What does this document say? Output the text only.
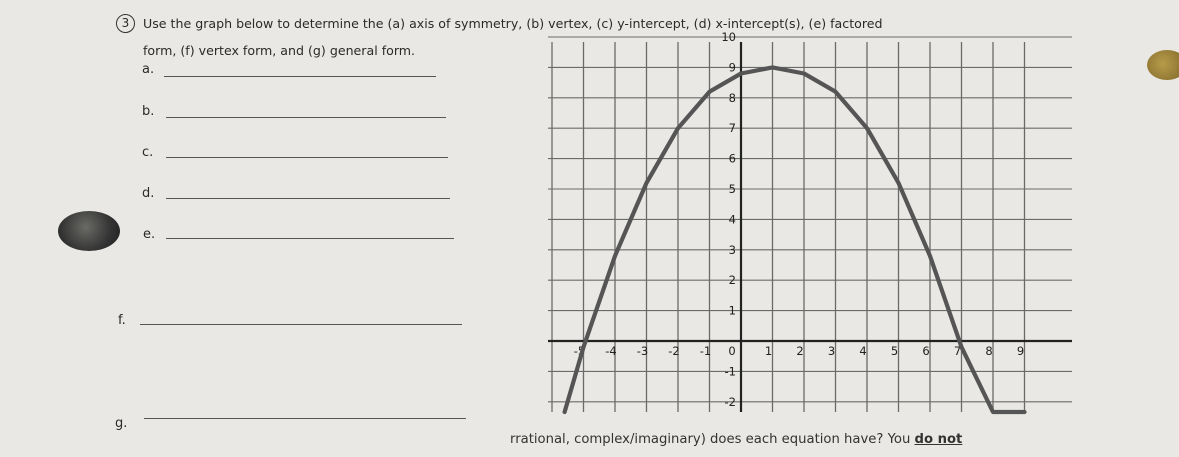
3	Use the graph below to determine the (a) axis of symmetry, (b) vertex, (c) y-intercept, (d) x-intercept(s), (e) factored
form, (f) vertex form, and (g) general form.
a.
b.
c.
d.
e.
f.
g.
-5 -4 -3 -2 -1 0	1 2 3 4 5 6 7 8 9
10
9
8
7
6
5
4
3
2
1
-1
-2
rrational, complex/imaginary) does each equation have? You do not
